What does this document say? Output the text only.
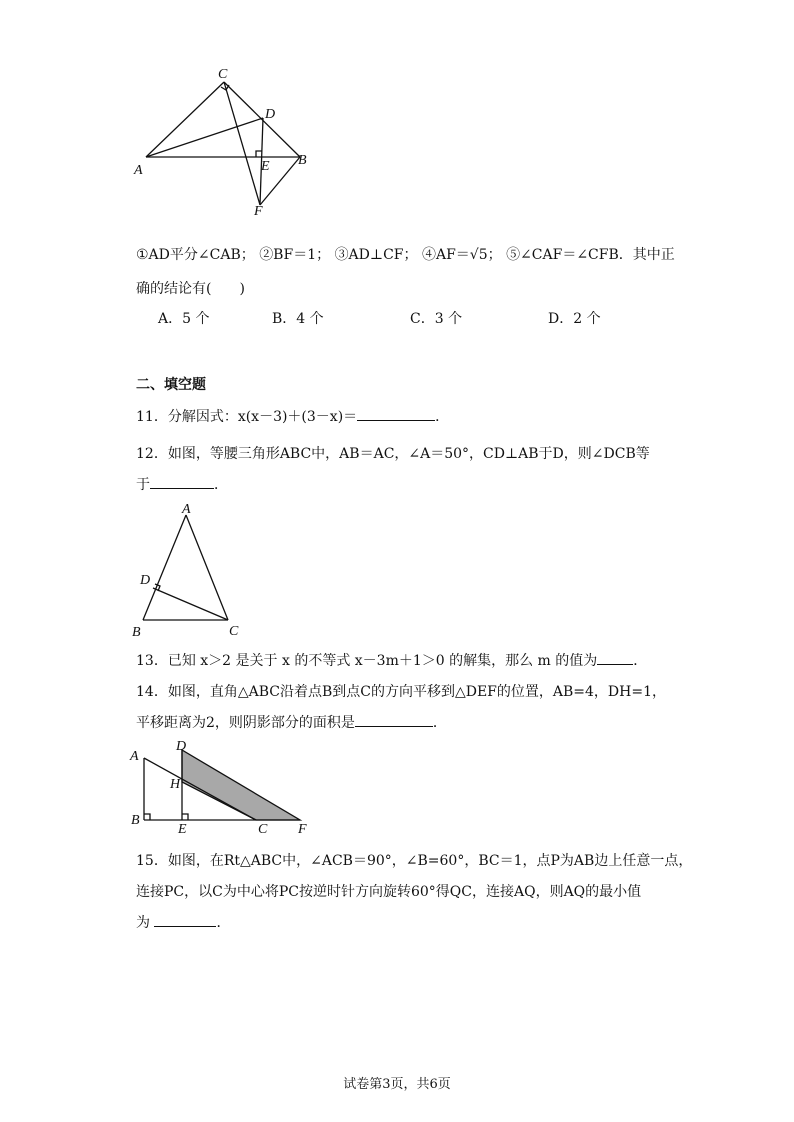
C
D
A	E B
F
①AD平分∠CAB； ②BF＝1； ③AD⊥CF； ④AF＝√5； ⑤∠CAF＝∠CFB．其中正
确的结论有(　　)
A．5 个	B．4 个	C．3 个	D．2 个
二、填空题
11．分解因式：x(x－3)＋(3－x)＝	．
12．如图，等腰三角形ABC中，AB＝AC，∠A＝50°，CD⊥AB于D，则∠DCB等
于	．
A
D
B	C
13．已知 x＞2 是关于 x 的不等式 x－3m＋1＞0 的解集，那么 m 的值为	．
14．如图，直角△ABC沿着点B到点C的方向平移到△DEF的位置，AB=4，DH=1，
平移距离为2，则阴影部分的面积是	．
A
D
H
B
E	C F
15．如图，在Rt△ABC中，∠ACB＝90°，∠B=60°，BC＝1，点P为AB边上任意一点，
连接PC，以C为中心将PC按逆时针方向旋转60°得QC，连接AQ，则AQ的最小值
为	．
试卷第3页，共6页
